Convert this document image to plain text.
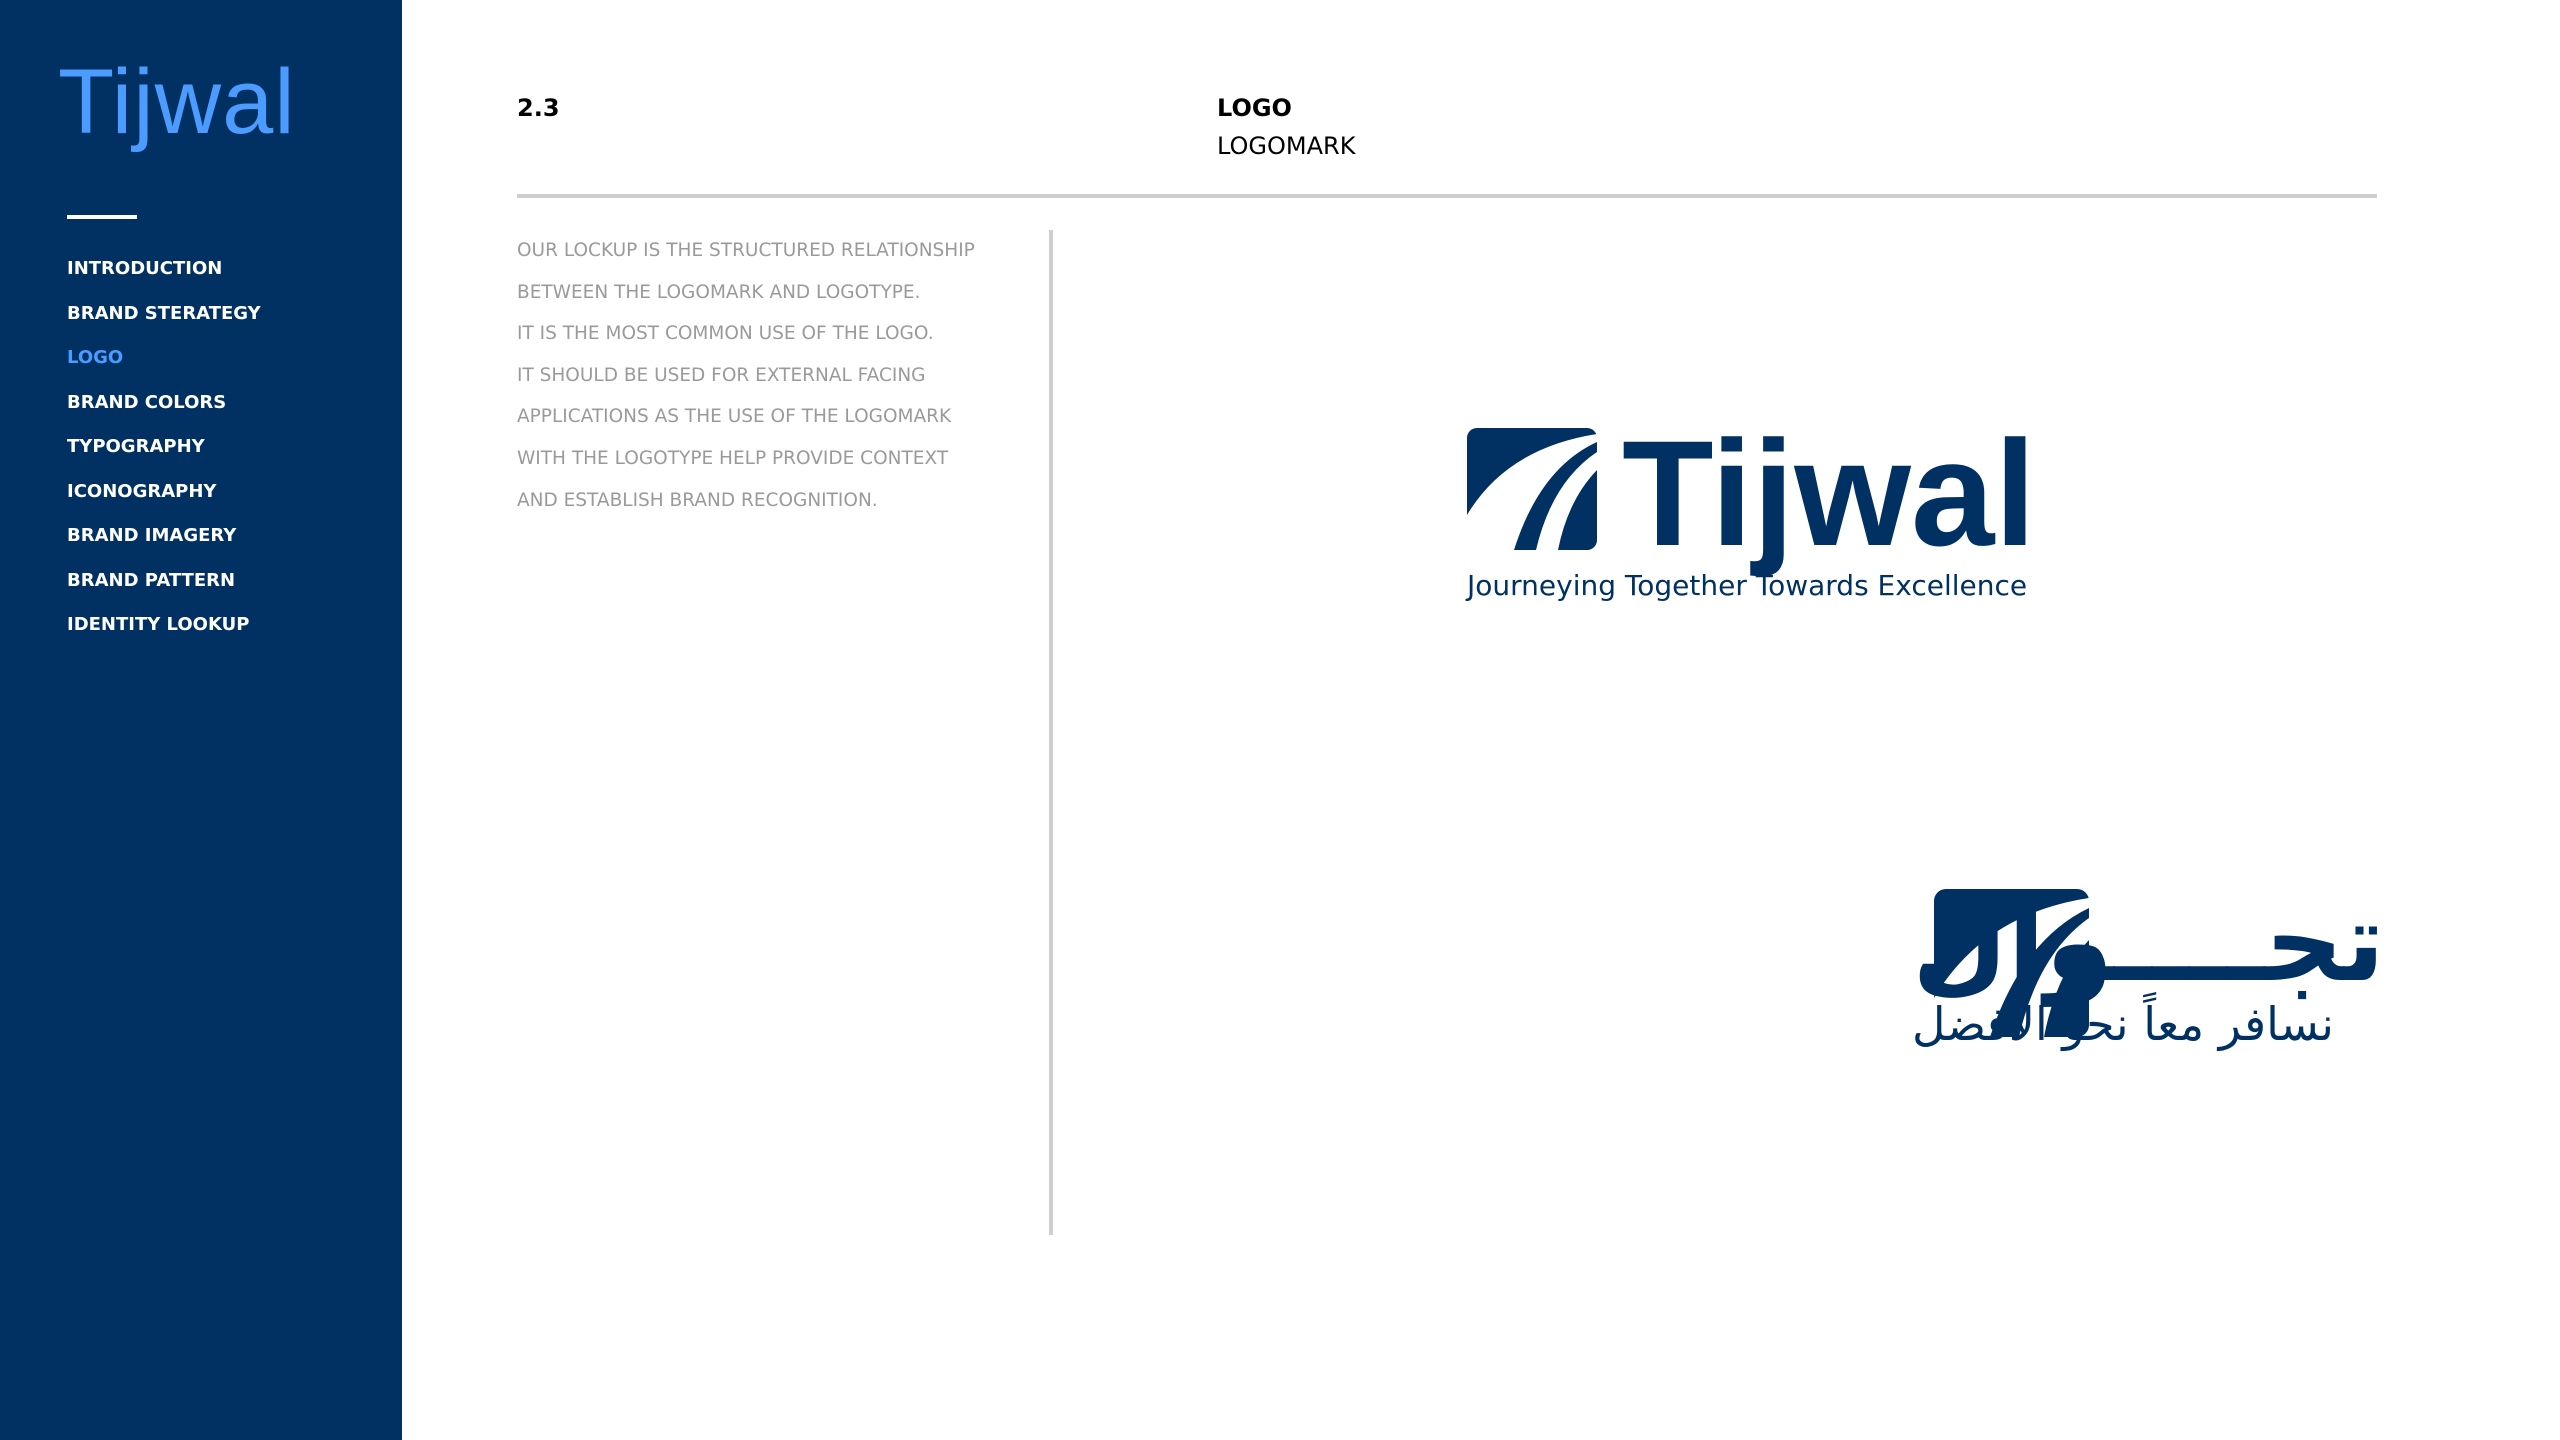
Tijwal
INTRODUCTION
BRAND STERATEGY
LOGO
BRAND COLORS
TYPOGRAPHY
ICONOGRAPHY
BRAND IMAGERY
BRAND PATTERN
IDENTITY LOOKUP
2.3	LOGO
LOGOMARK

OUR LOCKUP IS THE STRUCTURED RELATIONSHIP BETWEEN THE LOGOMARK AND LOGOTYPE.

IT IS THE MOST COMMON USE OF THE LOGO.

IT SHOULD BE USED FOR EXTERNAL FACING APPLICATIONS AS THE USE OF THE LOGOMARK WITH THE LOGOTYPE HELP PROVIDE CONTEXT AND ESTABLISH BRAND RECOGNITION.	Tijwal
Journeying Together Towards Excellence
تجــــوال
نسافر معاً نحو الأفضل
